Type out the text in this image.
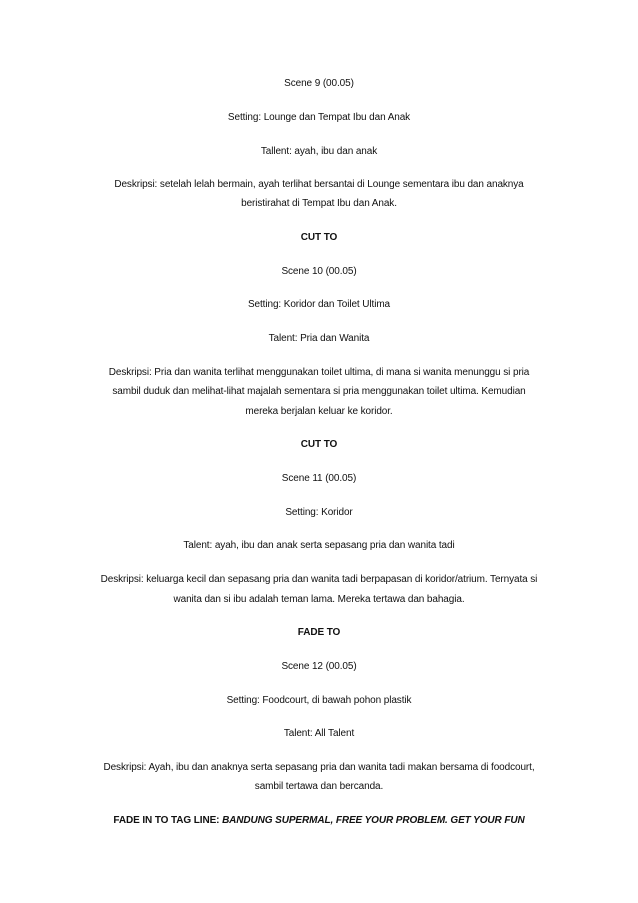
Scene 9 (00.05)
Setting: Lounge dan Tempat Ibu dan Anak
Tallent: ayah, ibu dan anak
Deskripsi: setelah lelah bermain, ayah terlihat bersantai di Lounge sementara ibu dan anaknya
beristirahat di Tempat Ibu dan Anak.
CUT TO
Scene 10 (00.05)
Setting: Koridor dan Toilet Ultima
Talent: Pria dan Wanita
Deskripsi: Pria dan wanita terlihat menggunakan toilet ultima, di mana si wanita menunggu si pria
sambil duduk dan melihat-lihat majalah sementara si pria menggunakan toilet ultima. Kemudian
mereka berjalan keluar ke koridor.
CUT TO
Scene 11 (00.05)
Setting: Koridor
Talent: ayah, ibu dan anak serta sepasang pria dan wanita tadi
Deskripsi: keluarga kecil dan sepasang pria dan wanita tadi berpapasan di koridor/atrium. Ternyata si
wanita dan si ibu adalah teman lama. Mereka tertawa dan bahagia.
FADE TO
Scene 12 (00.05)
Setting: Foodcourt, di bawah pohon plastik
Talent: All Talent
Deskripsi: Ayah, ibu dan anaknya serta sepasang pria dan wanita tadi makan bersama di foodcourt,
sambil tertawa dan bercanda.
FADE IN TO TAG LINE: BANDUNG SUPERMAL, FREE YOUR PROBLEM. GET YOUR FUN
